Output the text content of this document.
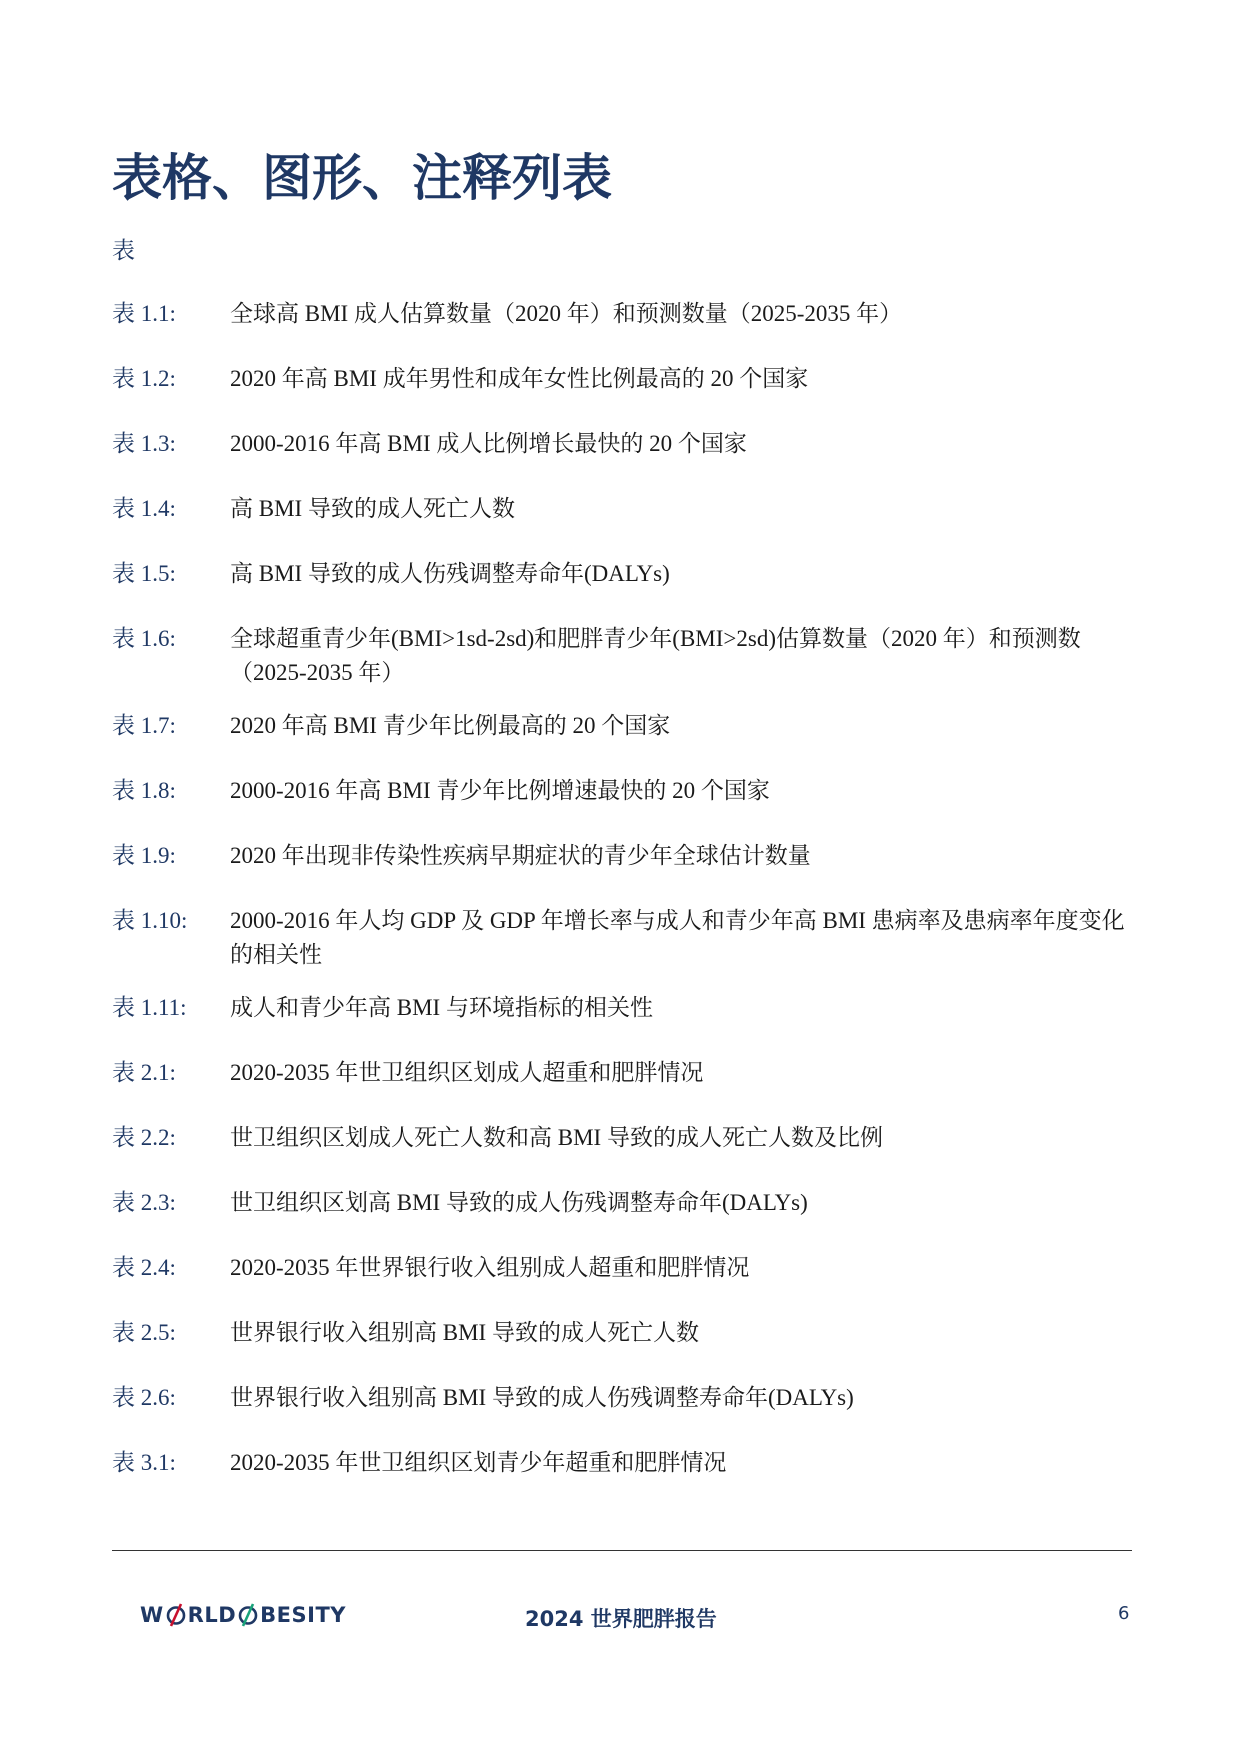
表格、图形、注释列表
表
表 1.1:	全球高 BMI 成人估算数量（2020 年）和预测数量（2025-2035 年）
表 1.2:	2020 年高 BMI 成年男性和成年女性比例最高的 20 个国家
表 1.3:	2000-2016 年高 BMI 成人比例增长最快的 20 个国家
表 1.4:	高 BMI 导致的成人死亡人数
表 1.5:	高 BMI 导致的成人伤残调整寿命年(DALYs)
表 1.6:	全球超重青少年(BMI>1sd-2sd)和肥胖青少年(BMI>2sd)估算数量（2020 年）和预测数（2025-2035 年）
表 1.7:	2020 年高 BMI 青少年比例最高的 20 个国家
表 1.8:	2000-2016 年高 BMI 青少年比例增速最快的 20 个国家
表 1.9:	2020 年出现非传染性疾病早期症状的青少年全球估计数量
表 1.10:	2000-2016 年人均 GDP 及 GDP 年增长率与成人和青少年高 BMI 患病率及患病率年度变化的相关性
表 1.11:	成人和青少年高 BMI 与环境指标的相关性
表 2.1:	2020-2035 年世卫组织区划成人超重和肥胖情况
表 2.2:	世卫组织区划成人死亡人数和高 BMI 导致的成人死亡人数及比例
表 2.3:	世卫组织区划高 BMI 导致的成人伤残调整寿命年(DALYs)
表 2.4:	2020-2035 年世界银行收入组别成人超重和肥胖情况
表 2.5:	世界银行收入组别高 BMI 导致的成人死亡人数
表 2.6:	世界银行收入组别高 BMI 导致的成人伤残调整寿命年(DALYs)
表 3.1:	2020-2035 年世卫组织区划青少年超重和肥胖情况
W RLD BESITY	2024 世界肥胖报告	6
